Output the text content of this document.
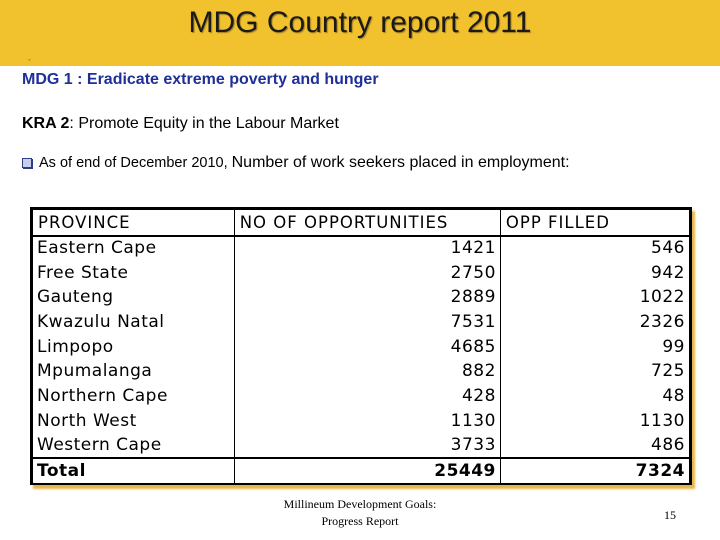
MDG Country report 2011
ˇ
MDG 1 : Eradicate extreme poverty and hunger
KRA 2: Promote Equity in the Labour Market
As of end of December 2010, Number of work seekers placed in employment:
PROVINCE	NO OF OPPORTUNITIES	OPP FILLED
Eastern Cape	1421	546
Free State	2750	942
Gauteng	2889	1022
Kwazulu Natal	7531	2326
Limpopo	4685	99
Mpumalanga	882	725
Northern Cape	428	48
North West	1130	1130
Western Cape	3733	486
Total	25449	7324
Millineum Development Goals:
Progress Report	15
